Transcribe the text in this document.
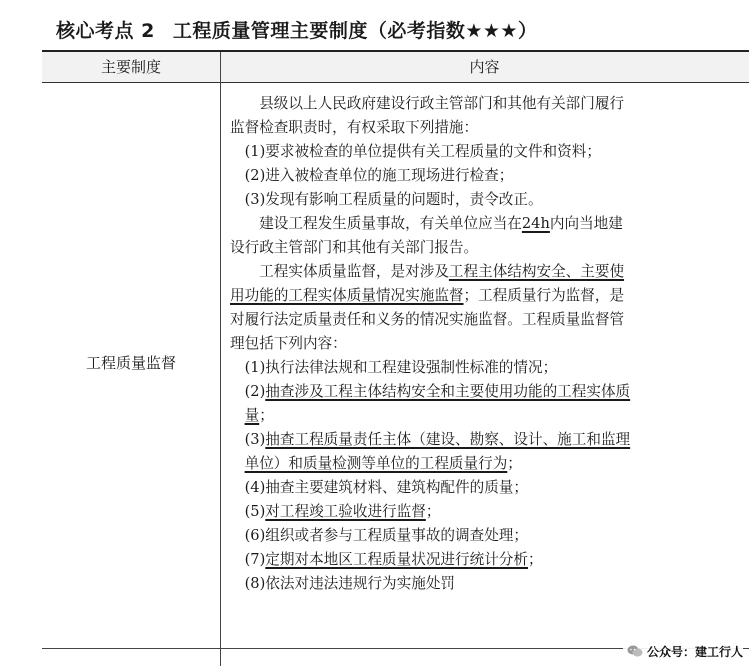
核心考点 2 工程质量管理主要制度（必考指数★★★）
主要制度	内容
工程质量监督

县级以上人民政府建设行政主管部门和其他有关部门履行监督检查职责时，有权采取下列措施：

(1)要求被检查的单位提供有关工程质量的文件和资料；

(2)进入被检查单位的施工现场进行检查；

(3)发现有影响工程质量的问题时，责令改正。

建设工程发生质量事故，有关单位应当在24h内向当地建设行政主管部门和其他有关部门报告。

工程实体质量监督，是对涉及工程主体结构安全、主要使用功能的工程实体质量情况实施监督；工程质量行为监督，是对履行法定质量责任和义务的情况实施监督。工程质量监督管理包括下列内容：

(1)执行法律法规和工程建设强制性标准的情况；

(2)抽查涉及工程主体结构安全和主要使用功能的工程实体质量；

(3)抽查工程质量责任主体（建设、勘察、设计、施工和监理单位）和质量检测等单位的工程质量行为；

(4)抽查主要建筑材料、建筑构配件的质量；

(5)对工程竣工验收进行监督；

(6)组织或者参与工程质量事故的调查处理；

(7)定期对本地区工程质量状况进行统计分析；

(8)依法对违法违规行为实施处罚

公众号：建工行人
